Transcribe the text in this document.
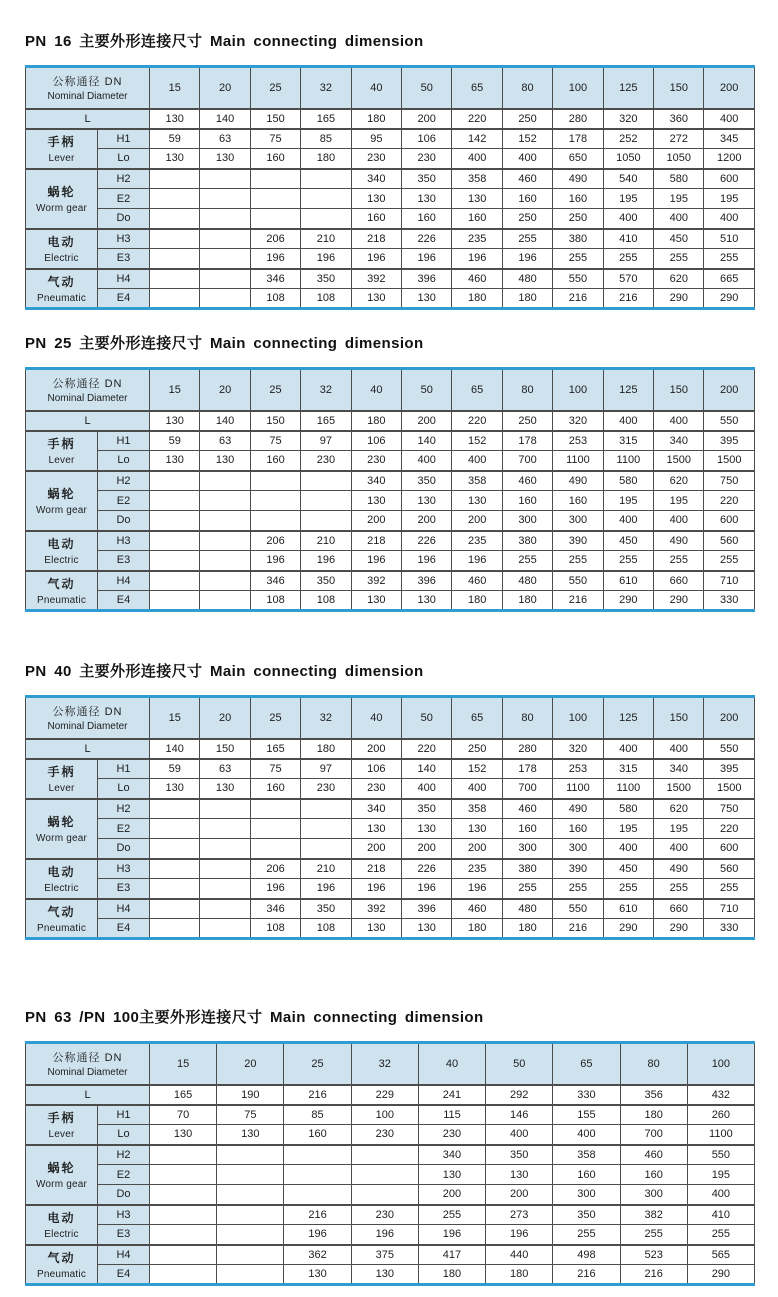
PN 16 主要外形连接尺寸 Main connecting dimension
公称通径 DN
Nominal Diameter		15	20	25	32	40	50	65	80	100	125	150	200
L		130	140	150	165	180	200	220	250	280	320	360	400

手柄
Lever	H1	59	63	75	85	95	106	142	152	178	252	272	345
	Lo	130	130	160	180	230	230	400	400	650	1050	1050	1200

蜗轮
Worm gear	H2					340	350	358	460	490	540	580	600
	E2					130	130	130	160	160	195	195	195
	Do					160	160	160	250	250	400	400	400

电动
Electric	H3			206	210	218	226	235	255	380	410	450	510
	E3			196	196	196	196	196	196	255	255	255	255

气动
Pneumatic	H4			346	350	392	396	460	480	550	570	620	665
	E4			108	108	130	130	180	180	216	216	290	290
PN 25 主要外形连接尺寸 Main connecting dimension
公称通径 DN
Nominal Diameter		15	20	25	32	40	50	65	80	100	125	150	200
L		130	140	150	165	180	200	220	250	320	400	400	550

手柄
Lever	H1	59	63	75	97	106	140	152	178	253	315	340	395
	Lo	130	130	160	230	230	400	400	700	1100	1100	1500	1500

蜗轮
Worm gear	H2					340	350	358	460	490	580	620	750
	E2					130	130	130	160	160	195	195	220
	Do					200	200	200	300	300	400	400	600

电动
Electric	H3			206	210	218	226	235	380	390	450	490	560
	E3			196	196	196	196	196	255	255	255	255	255

气动
Pneumatic	H4			346	350	392	396	460	480	550	610	660	710
	E4			108	108	130	130	180	180	216	290	290	330
PN 40 主要外形连接尺寸 Main connecting dimension
公称通径 DN
Nominal Diameter		15	20	25	32	40	50	65	80	100	125	150	200
L		140	150	165	180	200	220	250	280	320	400	400	550

手柄
Lever	H1	59	63	75	97	106	140	152	178	253	315	340	395
	Lo	130	130	160	230	230	400	400	700	1100	1100	1500	1500

蜗轮
Worm gear	H2					340	350	358	460	490	580	620	750
	E2					130	130	130	160	160	195	195	220
	Do					200	200	200	300	300	400	400	600

电动
Electric	H3			206	210	218	226	235	380	390	450	490	560
	E3			196	196	196	196	196	255	255	255	255	255

气动
Pneumatic	H4			346	350	392	396	460	480	550	610	660	710
	E4			108	108	130	130	180	180	216	290	290	330
PN 63 /PN 100主要外形连接尺寸 Main connecting dimension
公称通径 DN
Nominal Diameter		15	20	25	32	40	50	65	80	100
L		165	190	216	229	241	292	330	356	432

手柄
Lever	H1	70	75	85	100	115	146	155	180	260
	Lo	130	130	160	230	230	400	400	700	1100

蜗轮
Worm gear	H2					340	350	358	460	550
	E2					130	130	160	160	195
	Do					200	200	300	300	400

电动
Electric	H3			216	230	255	273	350	382	410
	E3			196	196	196	196	255	255	255

气动
Pneumatic	H4			362	375	417	440	498	523	565
	E4			130	130	180	180	216	216	290
